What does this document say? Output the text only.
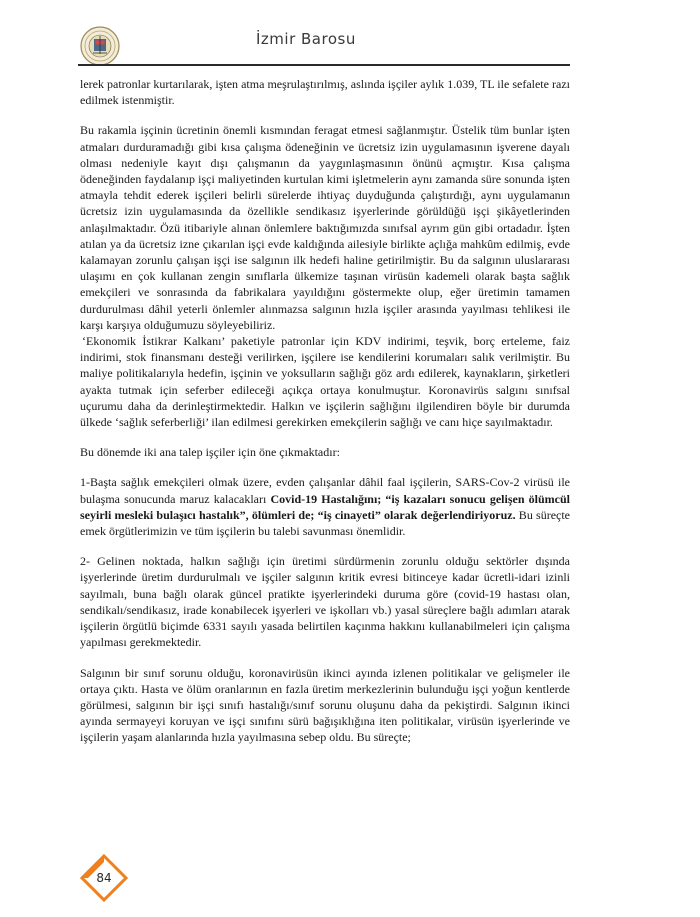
İzmir Barosu

lerek patronlar kurtarılarak, işten atma meşrulaştırılmış, aslında işçiler aylık 1.039, TL ile sefalete razı edilmek istenmiştir.

Bu rakamla işçinin ücretinin önemli kısmından feragat etmesi sağlanmıştır. Üstelik tüm bunlar işten atmaları durduramadığı gibi kısa çalışma ödeneğinin ve ücretsiz izin uygulamasının işverene dayalı olması nedeniyle kayıt dışı çalışmanın da yaygınlaşmasının önünü açmıştır. Kısa çalışma ödeneğinden faydalanıp işçi maliyetinden kurtulan kimi işletmelerin aynı zamanda süre sonunda işten atmayla tehdit ederek işçileri belirli sürelerde ihtiyaç duyduğunda çalıştırdığı, aynı uygulamanın ücretsiz izin uygulamasında da özellikle sendikasız işyerlerinde görüldüğü işçi şikâyetlerinden anlaşılmaktadır. Özü itibariyle alınan önlemlere baktığımızda sınıfsal ayrım gün gibi ortadadır. İşten atılan ya da ücretsiz izne çıkarılan işçi evde kaldığında ailesiyle birlikte açlığa mahkûm edilmiş, evde kalamayan zorunlu çalışan işçi ise salgının ilk hedefi haline getirilmiştir. Bu da salgının uluslararası ulaşımı en çok kullanan zengin sınıflarla ülkemize taşınan virüsün kademeli olarak başta sağlık emekçileri ve sonrasında da fabrikalara yayıldığını göstermekte olup, eğer üretimin tamamen durdurulması dâhil yeterli önlemler alınmazsa salgının hızla işçiler arasında yayılması tehlikesi ile karşı karşıya olduğumuzu söyleyebiliriz.

‘Ekonomik İstikrar Kalkanı’ paketiyle patronlar için KDV indirimi, teşvik, borç erteleme, faiz indirimi, stok finansmanı desteği verilirken, işçilere ise kendilerini korumaları salık verilmiştir. Bu maliye politikalarıyla hedefin, işçinin ve yoksulların sağlığı göz ardı edilerek, kaynakların, şirketleri ayakta tutmak için seferber edileceği açıkça ortaya konulmuştur. Koronavirüs salgını sınıfsal uçurumu daha da derinleştirmektedir. Halkın ve işçilerin sağlığını ilgilendiren böyle bir durumda ülkede ‘sağlık seferberliği’ ilan edilmesi gerekirken emekçilerin sağlığı ve canı hiçe sayılmaktadır.

Bu dönemde iki ana talep işçiler için öne çıkmaktadır:

1-Başta sağlık emekçileri olmak üzere, evden çalışanlar dâhil faal işçilerin, SARS-Cov-2 virüsü ile bulaşma sonucunda maruz kalacakları Covid-19 Hastalığını; “iş kazaları sonucu gelişen ölümcül seyirli mesleki bulaşıcı hastalık”, ölümleri de; “iş cinayeti” olarak değerlendiriyoruz. Bu süreçte emek örgütlerimizin ve tüm işçilerin bu talebi savunması önemlidir.

2- Gelinen noktada, halkın sağlığı için üretimi sürdürmenin zorunlu olduğu sektörler dışında işyerlerinde üretim durdurulmalı ve işçiler salgının kritik evresi bitinceye kadar ücretli-idari izinli sayılmalı, buna bağlı olarak güncel pratikte işyerlerindeki duruma göre (covid-19 hastası olan, sendikalı/sendikasız, irade konabilecek işyerleri ve işkolları vb.) yasal süreçlere bağlı adımları atarak işçilerin örgütlü biçimde 6331 sayılı yasada belirtilen kaçınma hakkını kullanabilmeleri için çalışma yapılması gerekmektedir.

Salgının bir sınıf sorunu olduğu, koronavirüsün ikinci ayında izlenen politikalar ve gelişmeler ile ortaya çıktı. Hasta ve ölüm oranlarının en fazla üretim merkezlerinin bulunduğu işçi yoğun kentlerde görülmesi, salgının bir işçi sınıfı hastalığı/sınıf sorunu oluşunu daha da pekiştirdi. Salgının ikinci ayında sermayeyi koruyan ve işçi sınıfını sürü bağışıklığına iten politikalar, virüsün işyerlerinde ve işçilerin yaşam alanlarında hızla yayılmasına sebep oldu. Bu süreçte;

84
